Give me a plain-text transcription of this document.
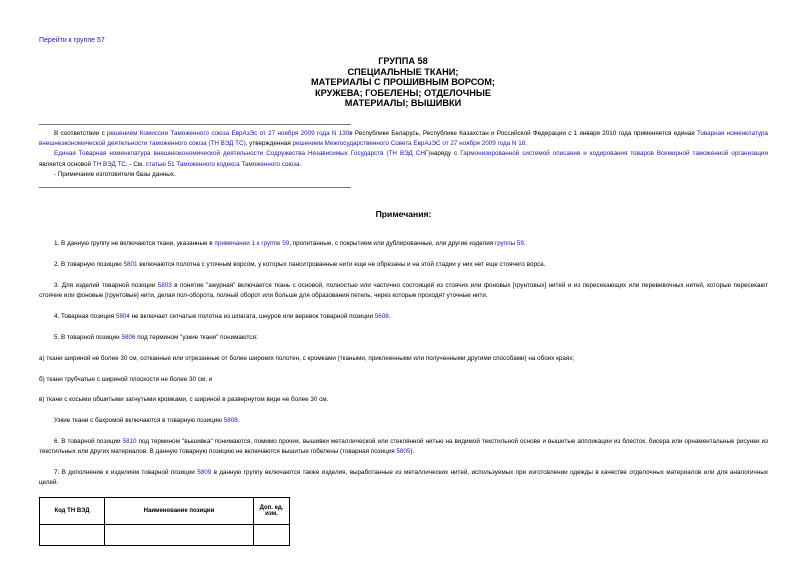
Перейти к группе 57
ГРУППА 58
СПЕЦИАЛЬНЫЕ ТКАНИ;
МАТЕРИАЛЫ С ПРОШИВНЫМ ВОРСОМ;
КРУЖЕВА; ГОБЕЛЕНЫ; ОТДЕЛОЧНЫЕ
МАТЕРИАЛЫ; ВЫШИВКИ

В соответствии с решением Комиссии Таможенного союза ЕврАзЭс от 27 ноября 2009 года N 130в Республике Беларусь, Республике Казахстан и Российской Федерации с 1 января 2010 года применяется единая Товарная номенклатура внешнеэкономической деятельности таможенного союза (ТН ВЭД ТС), утвержденная решением Межгосударственного Совета ЕврАзЭС от 27 ноября 2009 года N 18.

Единая Товарная номенклатура внешнеэкономической деятельности Содружества Независимых Государств (ТН ВЭД СНГ)наряду с Гармонизированной системой описания и кодирования товаров Всемирной таможенной организации является основой ТН ВЭД ТС. - См. статью 51 Таможенного кодекса Таможенного союза.

- Примечание изготовителя базы данных.

Примечания:

1. В данную группу не включаются ткани, указанные в примечании 1 к группе 59, пропитанные, с покрытием или дублированные, или другие изделия группы 59.

2. В товарную позицию 5801 включаются полотна с уточным ворсом, у которых ланситрованные нити еще не обрезаны и на этой стадии у них нет еще стоячего ворса.

3. Для изделий товарной позиции 5803 в понятие "ажурная" включается ткань с основой, полностью или частично состоящей из стоячих или фоновых [грунтовых] нитей и из пересекающих или перевивочных нитей, которые пересекают стоячие или фоновые [грунтовые] нити, делая пол-оборота, полный оборот или больше для образования петель, через которые проходят уточные нити.

4. Товарная позиция 5804 не включает сетчатые полотна из шпагата, шнуров или веревок товарной позиции 5608.

5. В товарной позиции 5806 под термином "узкие ткани" понимаются:

а) ткани шириной не более 30 см, сотканные или отрезанные от более широких полотен, с кромками (ткаными, приклеенными или полученными другими способами) на обоих краях;

б) ткани трубчатые с шириной плоскости не более 30 см; и

в) ткани с косыми обшитыми загнутыми кромками, с шириной в развернутом виде не более 30 см.

Узкие ткани с бахромой включаются в товарную позицию 5808.

6. В товарной позиции 5810 под термином "вышивка" понимаются, помимо прочих, вышивки металлической или стеклянной нитью на видимой текстильной основе и вышитые аппликации из блесток, бисера или орнаментальные рисунки из текстильных или других материалов. В данную товарную позицию не включаются вышитые гобелены (товарная позиция 5805).

7. В дополнение к изделиям товарной позиции 5809 в данную группу включаются также изделия, выработанные из металлических нитей, используемых при изготовлении одежды в качестве отделочных материалов или для аналогичных целей.

Код ТН ВЭД	Наименование позиции	Доп. ед. изм.
